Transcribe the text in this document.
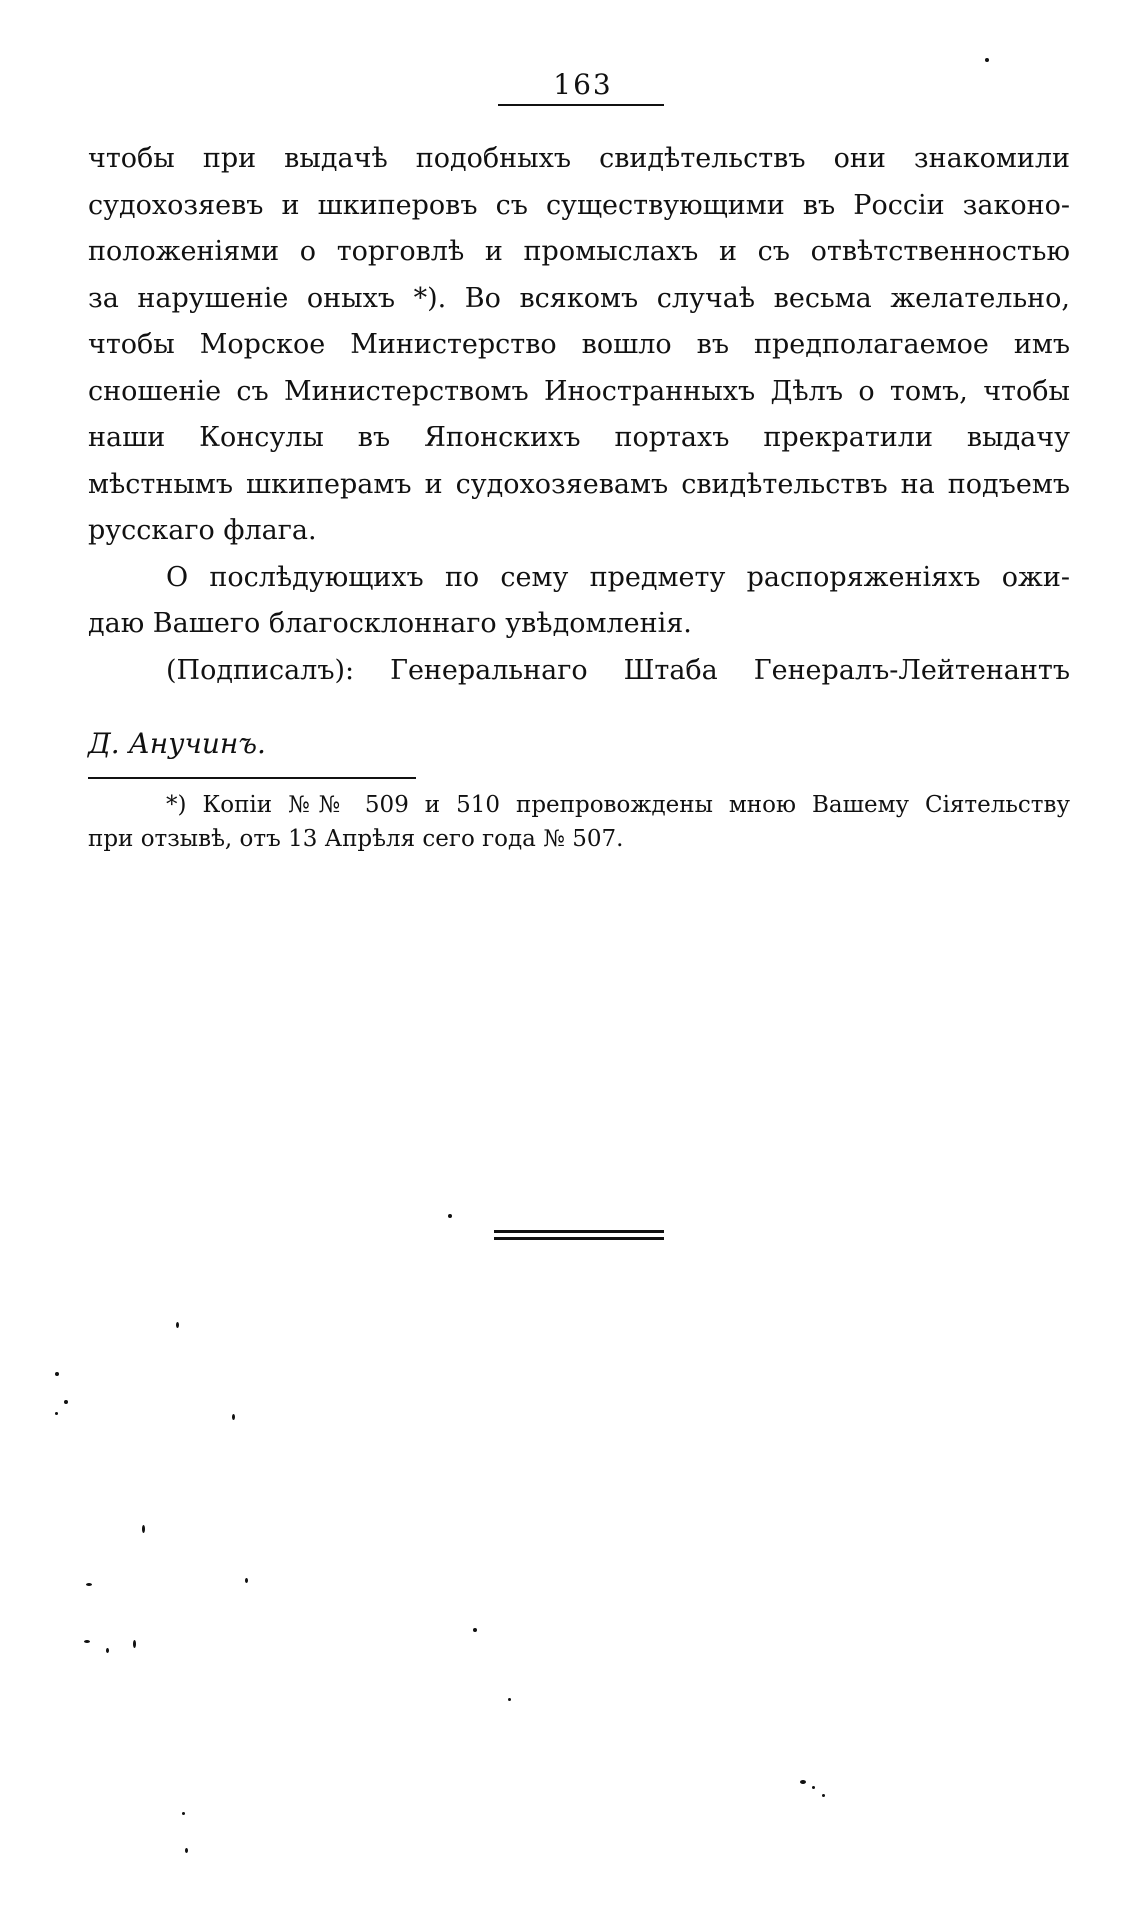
163
чтобы при выдачѣ подобныхъ свидѣтельствъ они знакомили
судохозяевъ и шкиперовъ съ существующими въ Россіи законо-
положеніями о торговлѣ и промыслахъ и съ отвѣтственностью
за нарушеніе оныхъ *). Во всякомъ случаѣ весьма желательно,
чтобы Морское Министерство вошло въ предполагаемое имъ
сношеніе съ Министерствомъ Иностранныхъ Дѣлъ о томъ, чтобы
наши Консулы въ Японскихъ портахъ прекратили выдачу
мѣстнымъ шкиперамъ и судохозяевамъ свидѣтельствъ на подъемъ
русскаго флага.
О послѣдующихъ по сему предмету распоряженіяхъ ожи-
даю Вашего благосклоннаго увѣдомленія.
(Подписалъ): Генеральнаго Штаба Генералъ-Лейтенантъ
Д. Анучинъ.
*) Копіи №№ 509 и 510 препровождены мною Вашему Сіятельству
при отзывѣ, отъ 13 Апрѣля сего года № 507.
